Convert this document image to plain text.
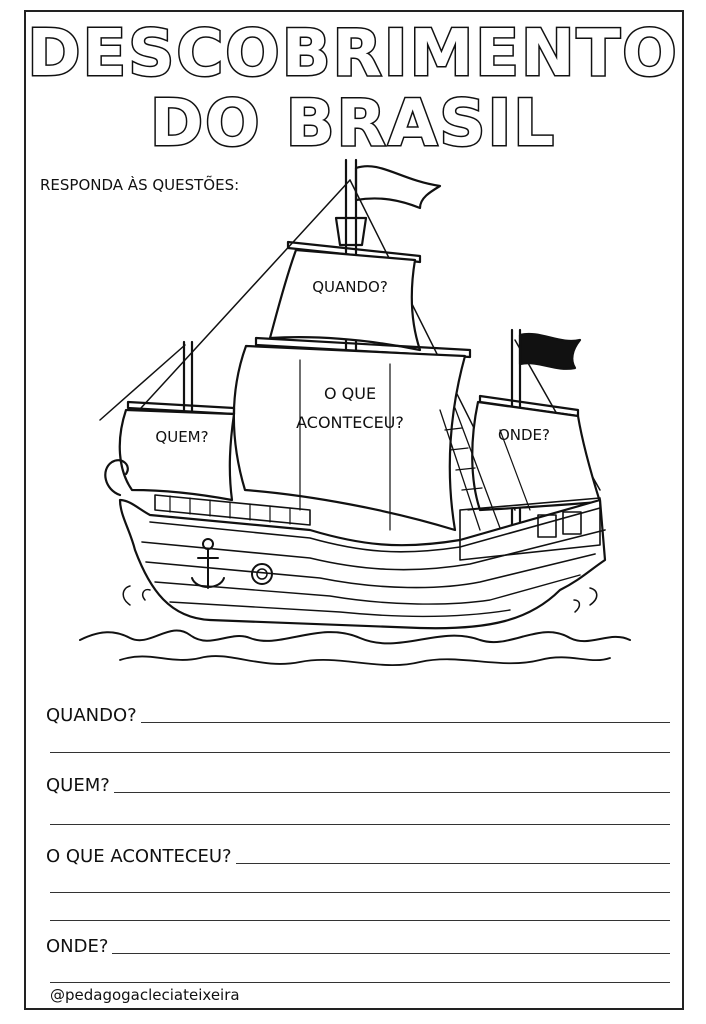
DESCOBRIMENTO
DO BRASIL
RESPONDA ÀS QUESTÕES:
QUANDO?
O QUE
ACONTECEU?
QUEM?	ONDE?
QUANDO?
QUEM?
O QUE ACONTECEU?
ONDE?
@pedagogacleciateixeira
